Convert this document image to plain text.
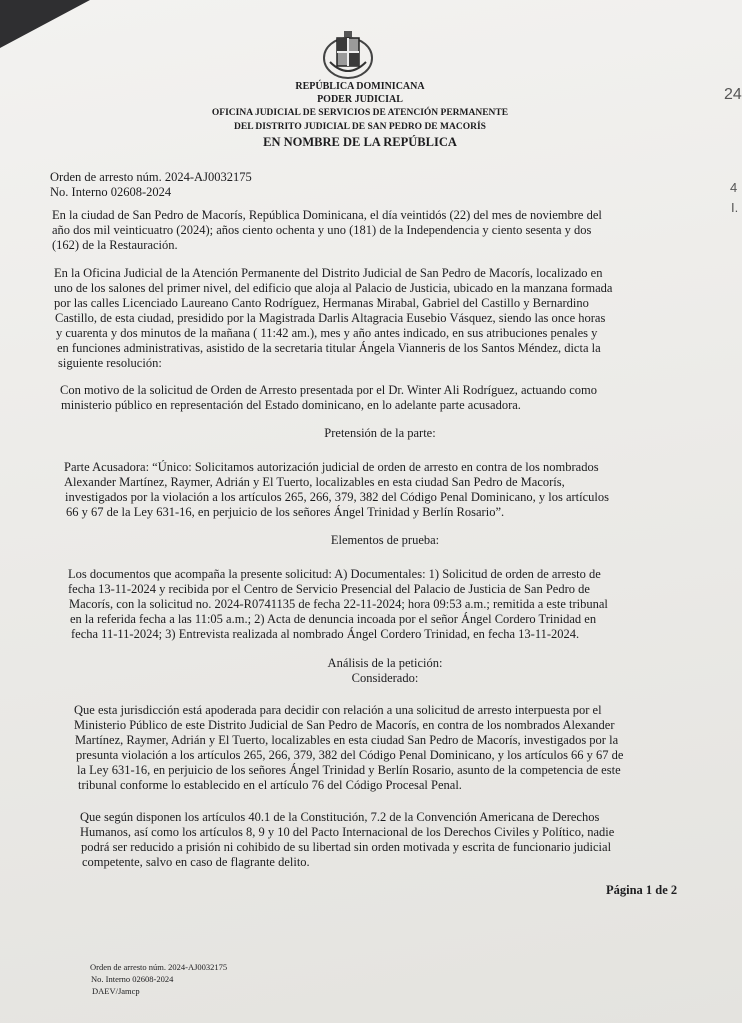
24
4
I.
REPÚBLICA DOMINICANA
PODER JUDICIAL
OFICINA JUDICIAL DE SERVICIOS DE ATENCIÓN PERMANENTE
DEL DISTRITO JUDICIAL DE SAN PEDRO DE MACORÍS
EN NOMBRE DE LA REPÚBLICA
Orden de arresto núm. 2024-AJ0032175
No. Interno 02608-2024
En la ciudad de San Pedro de Macorís, República Dominicana, el día veintidós (22) del mes de noviembre del
año dos mil veinticuatro (2024); años ciento ochenta y uno (181) de la Independencia y ciento sesenta y dos
(162) de la Restauración.
En la Oficina Judicial de la Atención Permanente del Distrito Judicial de San Pedro de Macorís, localizado en
uno de los salones del primer nivel, del edificio que aloja al Palacio de Justicia, ubicado en la manzana formada
por las calles Licenciado Laureano Canto Rodríguez, Hermanas Mirabal, Gabriel del Castillo y Bernardino
Castillo, de esta ciudad, presidido por la Magistrada Darlis Altagracia Eusebio Vásquez, siendo las once horas
y cuarenta y dos minutos de la mañana ( 11:42 am.), mes y año antes indicado, en sus atribuciones penales y
en funciones administrativas, asistido de la secretaria titular Ángela Vianneris de los Santos Méndez, dicta la
siguiente resolución:
Con motivo de la solicitud de Orden de Arresto presentada por el Dr. Winter Ali Rodríguez, actuando como
ministerio público en representación del Estado dominicano, en lo adelante parte acusadora.
Pretensión de la parte:
Parte Acusadora: “Único: Solicitamos autorización judicial de orden de arresto en contra de los nombrados
Alexander Martínez, Raymer, Adrián y El Tuerto, localizables en esta ciudad San Pedro de Macorís,
investigados por la violación a los artículos 265, 266, 379, 382 del Código Penal Dominicano, y los artículos
66 y 67 de la Ley 631-16, en perjuicio de los señores Ángel Trinidad y Berlín Rosario”.
Elementos de prueba:
Los documentos que acompaña la presente solicitud: A) Documentales: 1) Solicitud de orden de arresto de
fecha 13-11-2024 y recibida por el Centro de Servicio Presencial del Palacio de Justicia de San Pedro de
Macorís, con la solicitud no. 2024-R0741135 de fecha 22-11-2024; hora 09:53 a.m.; remitida a este tribunal
en la referida fecha a las 11:05 a.m.; 2) Acta de denuncia incoada por el señor Ángel Cordero Trinidad en
fecha 11-11-2024; 3) Entrevista realizada al nombrado Ángel Cordero Trinidad, en fecha 13-11-2024.
Análisis de la petición:
Considerado:
Que esta jurisdicción está apoderada para decidir con relación a una solicitud de arresto interpuesta por el
Ministerio Público de este Distrito Judicial de San Pedro de Macorís, en contra de los nombrados Alexander
Martínez, Raymer, Adrián y El Tuerto, localizables en esta ciudad San Pedro de Macorís, investigados por la
presunta violación a los artículos 265, 266, 379, 382 del Código Penal Dominicano, y los artículos 66 y 67 de
la Ley 631-16, en perjuicio de los señores Ángel Trinidad y Berlín Rosario, asunto de la competencia de este
tribunal conforme lo establecido en el artículo 76 del Código Procesal Penal.
Que según disponen los artículos 40.1 de la Constitución, 7.2 de la Convención Americana de Derechos
Humanos, así como los artículos 8, 9 y 10 del Pacto Internacional de los Derechos Civiles y Político, nadie
podrá ser reducido a prisión ni cohibido de su libertad sin orden motivada y escrita de funcionario judicial
competente, salvo en caso de flagrante delito.
Página 1 de 2
Orden de arresto núm. 2024-AJ0032175
No. Interno 02608-2024
DAEV/Jamcp
